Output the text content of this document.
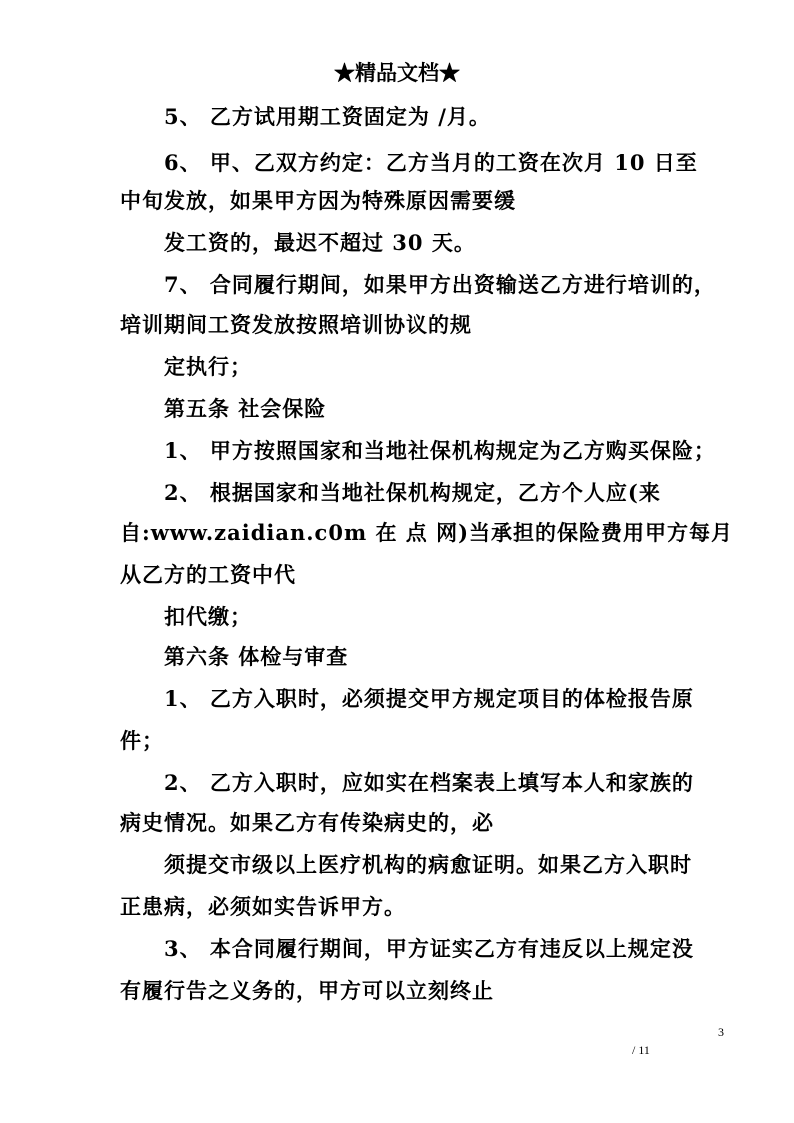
★精品文档★
5、 乙方试用期工资固定为 /月。
6、 甲、乙双方约定：乙方当月的工资在次月 10 日至
中旬发放，如果甲方因为特殊原因需要缓
发工资的，最迟不超过 30 天。
7、 合同履行期间，如果甲方出资输送乙方进行培训的，
培训期间工资发放按照培训协议的规
定执行；
第五条 社会保险
1、 甲方按照国家和当地社保机构规定为乙方购买保险；
2、 根据国家和当地社保机构规定，乙方个人应(来
自:www.zaidian.c0m 在 点 网)当承担的保险费用甲方每月
从乙方的工资中代
扣代缴；
第六条 体检与审查
1、 乙方入职时，必须提交甲方规定项目的体检报告原
件；
2、 乙方入职时，应如实在档案表上填写本人和家族的
病史情况。如果乙方有传染病史的，必
须提交市级以上医疗机构的病愈证明。如果乙方入职时
正患病，必须如实告诉甲方。
3、 本合同履行期间，甲方证实乙方有违反以上规定没
有履行告之义务的，甲方可以立刻终止
3
/ 11
